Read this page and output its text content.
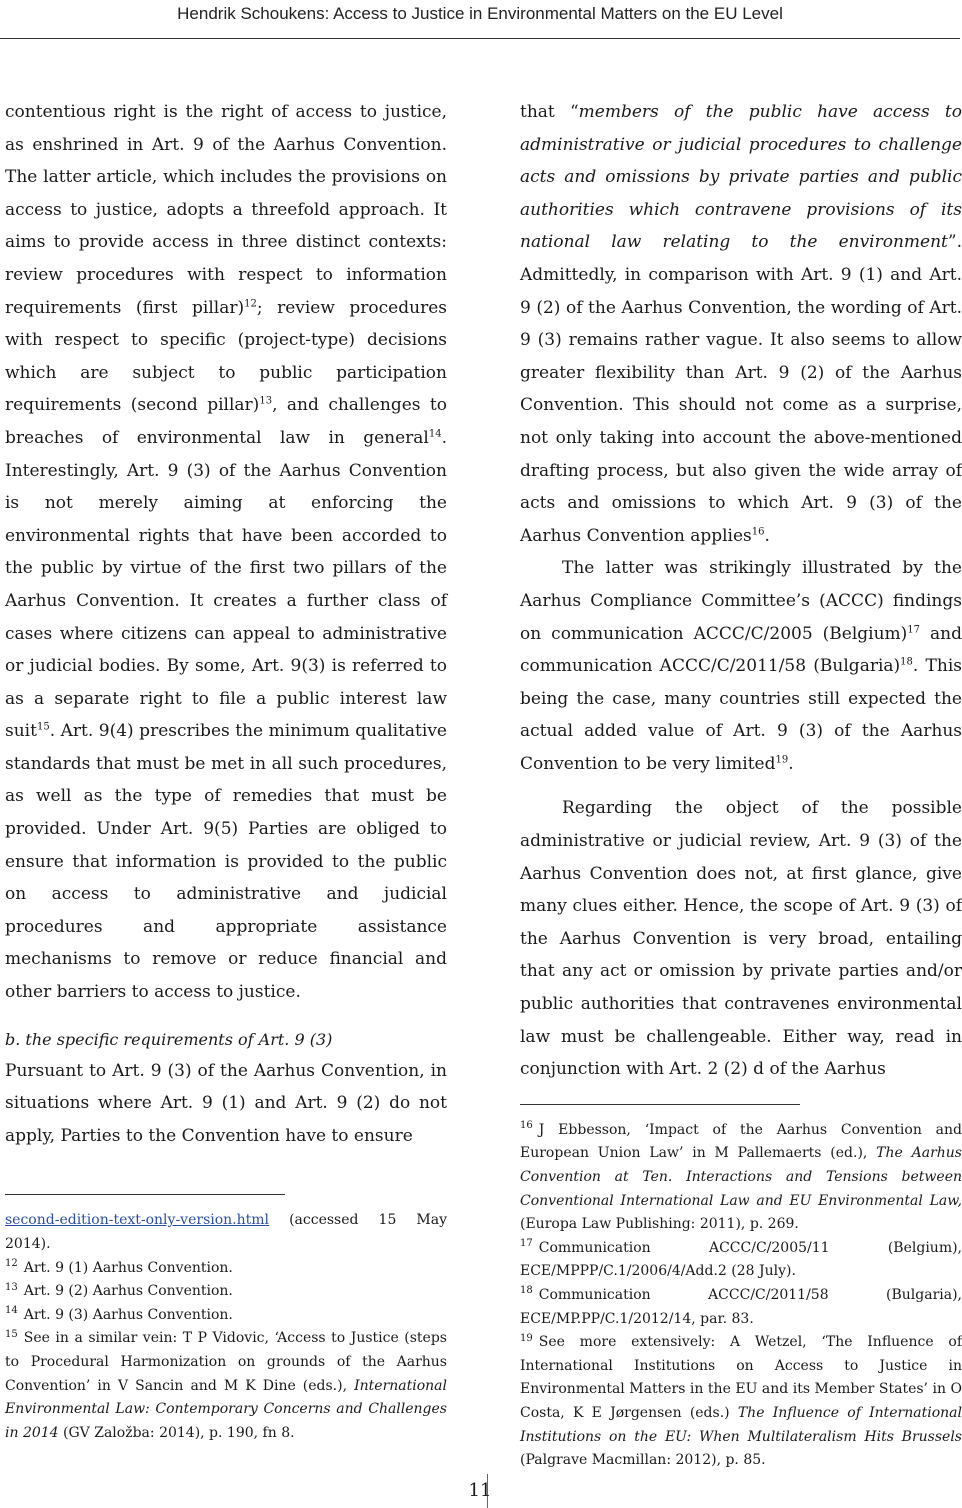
Hendrik Schoukens: Access to Justice in Environmental Matters on the EU Level

contentious right is the right of access to justice, as enshrined in Art. 9 of the Aarhus Convention. The latter article, which includes the provisions on access to justice, adopts a threefold approach. It aims to provide access in three distinct contexts: review procedures with respect to information requirements (first pillar)$^{12}$; review procedures with respect to specific (project-type) decisions which are subject to public participation requirements (second pillar)$^{13}$, and challenges to breaches of environmental law in general$^{14}$. Interestingly, Art. 9 (3) of the Aarhus Convention is not merely aiming at enforcing the environmental rights that have been accorded to the public by virtue of the first two pillars of the Aarhus Convention. It creates a further class of cases where citizens can appeal to administrative or judicial bodies. By some, Art. 9(3) is referred to as a separate right to file a public interest law suit$^{15}$. Art. 9(4) prescribes the minimum qualitative standards that must be met in all such procedures, as well as the type of remedies that must be provided. Under Art. 9(5) Parties are obliged to ensure that information is provided to the public on access to administrative and judicial procedures and appropriate assistance mechanisms to remove or reduce financial and other barriers to access to justice.

b. the specific requirements of Art. 9 (3)

Pursuant to Art. 9 (3) of the Aarhus Convention, in situations where Art. 9 (1) and Art. 9 (2) do not apply, Parties to the Convention have to ensure

second-edition-text-only-version.html (accessed 15 May 2014).

$^{12}$ Art. 9 (1) Aarhus Convention.

$^{13}$ Art. 9 (2) Aarhus Convention.

$^{14}$ Art. 9 (3) Aarhus Convention.

$^{15}$ See in a similar vein: T P Vidovic, ‘Access to Justice (steps to Procedural Harmonization on grounds of the Aarhus Convention’ in V Sancin and M K Dine (eds.), International Environmental Law: Contemporary Concerns and Challenges in 2014 (GV Založba: 2014), p. 190, fn 8.

that “members of the public have access to administrative or judicial procedures to challenge acts and omissions by private parties and public authorities which contravene provisions of its national law relating to the environment”. Admittedly, in comparison with Art. 9 (1) and Art. 9 (2) of the Aarhus Convention, the wording of Art. 9 (3) remains rather vague. It also seems to allow greater flexibility than Art. 9 (2) of the Aarhus Convention. This should not come as a surprise, not only taking into account the above-mentioned drafting process, but also given the wide array of acts and omissions to which Art. 9 (3) of the Aarhus Convention applies$^{16}$.

The latter was strikingly illustrated by the Aarhus Compliance Committee’s (ACCC) findings on communication ACCC/C/2005 (Belgium)$^{17}$ and communication ACCC/C/2011/58 (Bulgaria)$^{18}$. This being the case, many countries still expected the actual added value of Art. 9 (3) of the Aarhus Convention to be very limited$^{19}$.

Regarding the object of the possible administrative or judicial review, Art. 9 (3) of the Aarhus Convention does not, at first glance, give many clues either. Hence, the scope of Art. 9 (3) of the Aarhus Convention is very broad, entailing that any act or omission by private parties and/or public authorities that contravenes environmental law must be challengeable. Either way, read in conjunction with Art. 2 (2) d of the Aarhus

$^{16}$ J Ebbesson, ‘Impact of the Aarhus Convention and European Union Law’ in M Pallemaerts (ed.), The Aarhus Convention at Ten. Interactions and Tensions between Conventional International Law and EU Environmental Law, (Europa Law Publishing: 2011), p. 269.

$^{17}$ Communication ACCC/C/2005/11 (Belgium), ECE/MPPP/C.1/2006/4/Add.2 (28 July).

$^{18}$ Communication ACCC/C/2011/58 (Bulgaria), ECE/MP.PP/C.1/2012/14, par. 83.

$^{19}$ See more extensively: A Wetzel, ‘The Influence of International Institutions on Access to Justice in Environmental Matters in the EU and its Member States’ in O Costa, K E Jørgensen (eds.) The Influence of International Institutions on the EU: When Multilateralism Hits Brussels (Palgrave Macmillan: 2012), p. 85.

11
